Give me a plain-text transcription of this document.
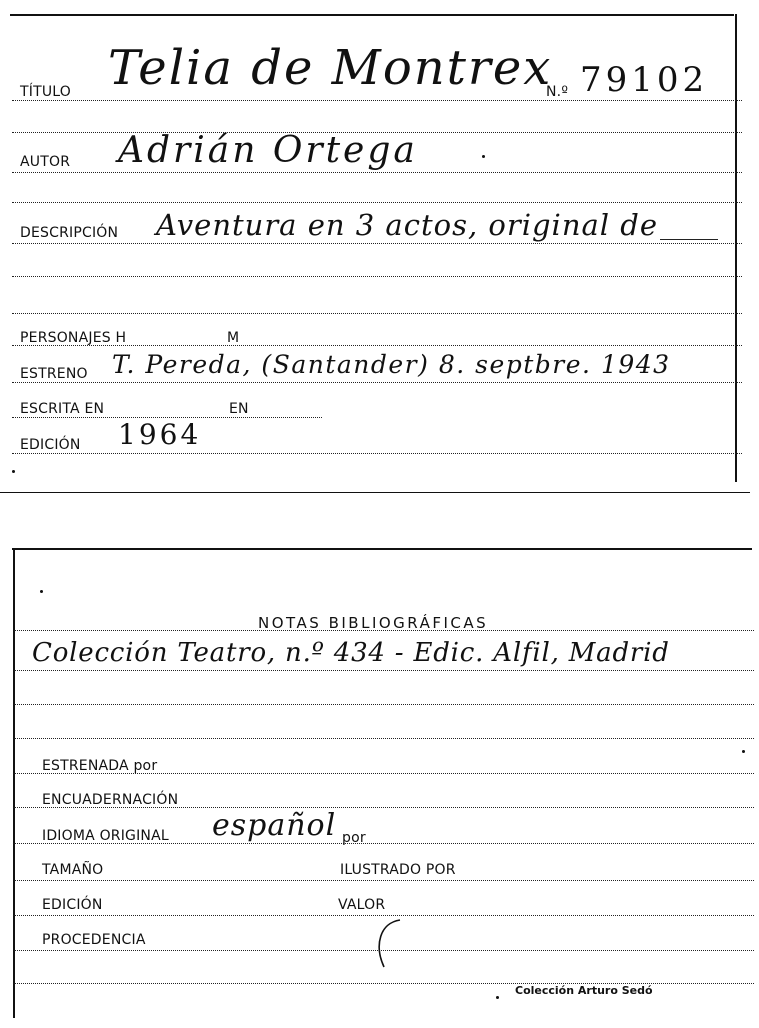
TÍTULO Telia de Montrex
N.º 79102
AUTOR Adrián Ortega
DESCRIPCIÓN Aventura en 3 actos, original de
PERSONAJES H	M
ESTRENO T. Pereda, (Santander) 8. septbre. 1943
ESCRITA EN	EN
EDICIÓN 1964
NOTAS BIBLIOGRÁFICAS
Colección Teatro, n.º 434 - Edic. Alfil, Madrid
ESTRENADA por
ENCUADERNACIÓN
IDIOMA ORIGINAL español por
TAMAÑO	ILUSTRADO POR
EDICIÓN	VALOR
PROCEDENCIA
Colección Arturo Sedó
